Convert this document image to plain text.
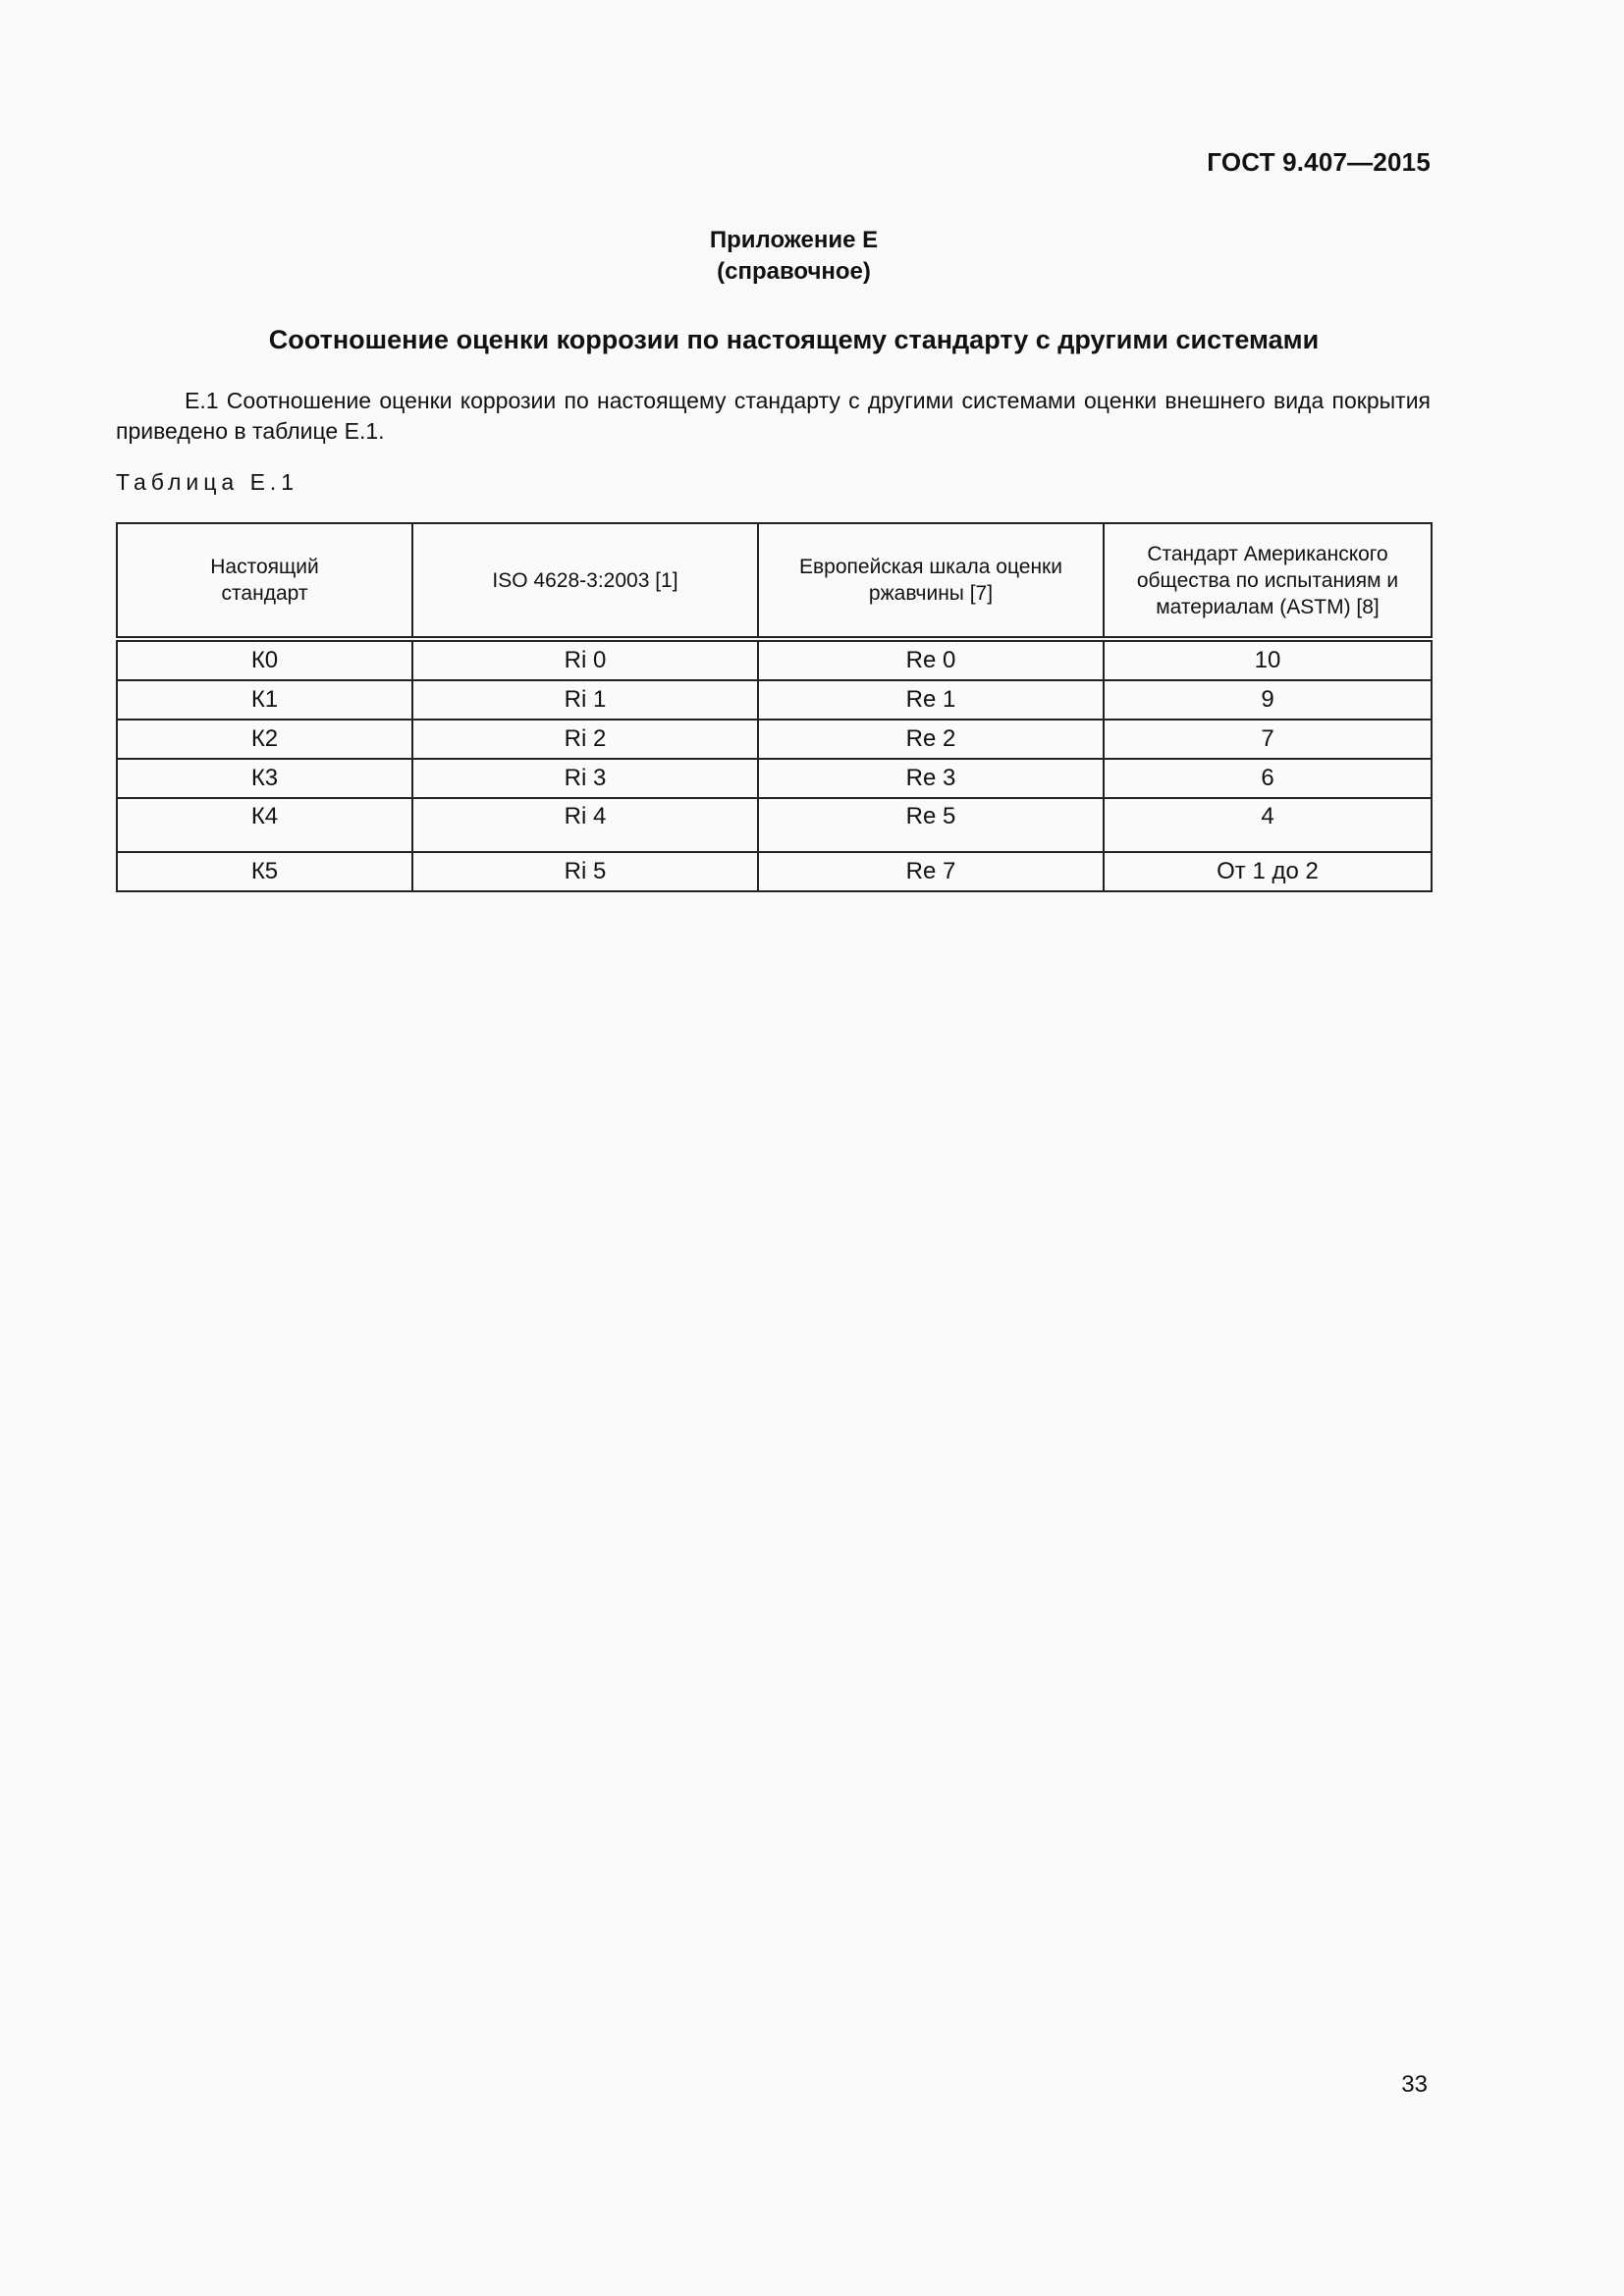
ГОСТ 9.407—2015
Приложение Е
(справочное)
Соотношение оценки коррозии по настоящему стандарту с другими системами
Е.1 Соотношение оценки коррозии по настоящему стандарту с другими системами оценки внешнего вида покрытия приведено в таблице Е.1.
Таблица Е.1
Настоящий стандарт	ISO 4628-3:2003 [1]	Европейская шкала оценки ржавчины [7]	Стандарт Американского общества по испытаниям и материалам (ASTM) [8]

К0	Ri 0	Re 0	10
К1	Ri 1	Re 1	9
К2	Ri 2	Re 2	7
К3	Ri 3	Re 3	6
К4	Ri 4	Re 5	4
К5	Ri 5	Re 7	От 1 до 2
33
